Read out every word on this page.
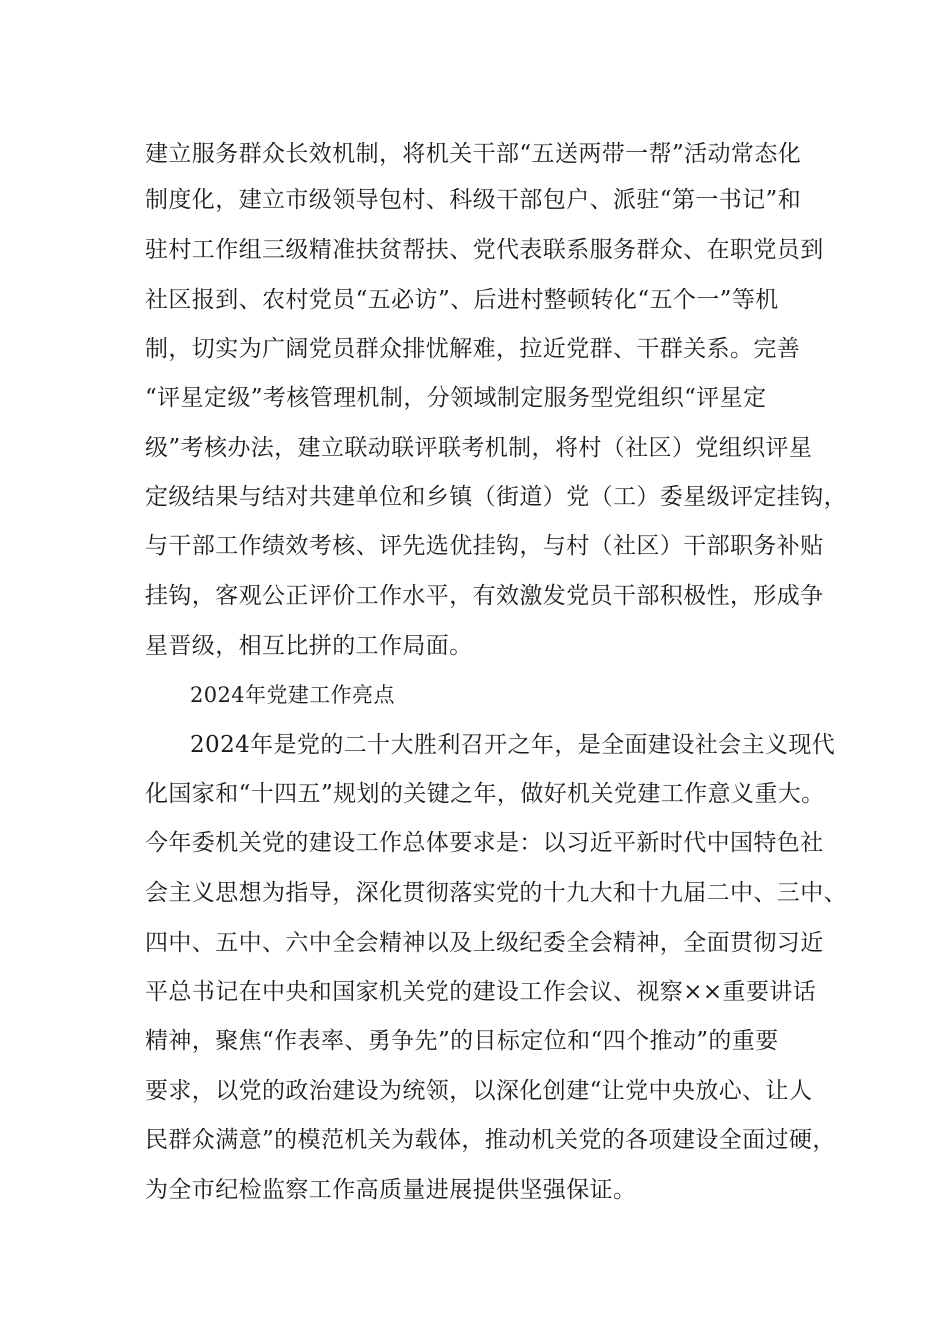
建立服务群众长效机制，将机关干部“五送两带一帮”活动常态化
制度化，建立市级领导包村、科级干部包户、派驻“第一书记”和
驻村工作组三级精准扶贫帮扶、党代表联系服务群众、在职党员到
社区报到、农村党员“五必访”、后进村整顿转化“五个一”等机
制，切实为广阔党员群众排忧解难，拉近党群、干群关系。完善
“评星定级”考核管理机制，分领域制定服务型党组织“评星定
级”考核办法，建立联动联评联考机制，将村（社区）党组织评星
定级结果与结对共建单位和乡镇（街道）党（工）委星级评定挂钩，
与干部工作绩效考核、评先选优挂钩，与村（社区）干部职务补贴
挂钩，客观公正评价工作水平，有效激发党员干部积极性，形成争
星晋级，相互比拼的工作局面。
2024年党建工作亮点
2024年是党的二十大胜利召开之年，是全面建设社会主义现代
化国家和“十四五”规划的关键之年，做好机关党建工作意义重大。
今年委机关党的建设工作总体要求是：以习近平新时代中国特色社
会主义思想为指导，深化贯彻落实党的十九大和十九届二中、三中、
四中、五中、六中全会精神以及上级纪委全会精神，全面贯彻习近
平总书记在中央和国家机关党的建设工作会议、视察××重要讲话
精神，聚焦“作表率、勇争先”的目标定位和“四个推动”的重要
要求，以党的政治建设为统领，以深化创建“让党中央放心、让人
民群众满意”的模范机关为载体，推动机关党的各项建设全面过硬，
为全市纪检监察工作高质量进展提供坚强保证。
